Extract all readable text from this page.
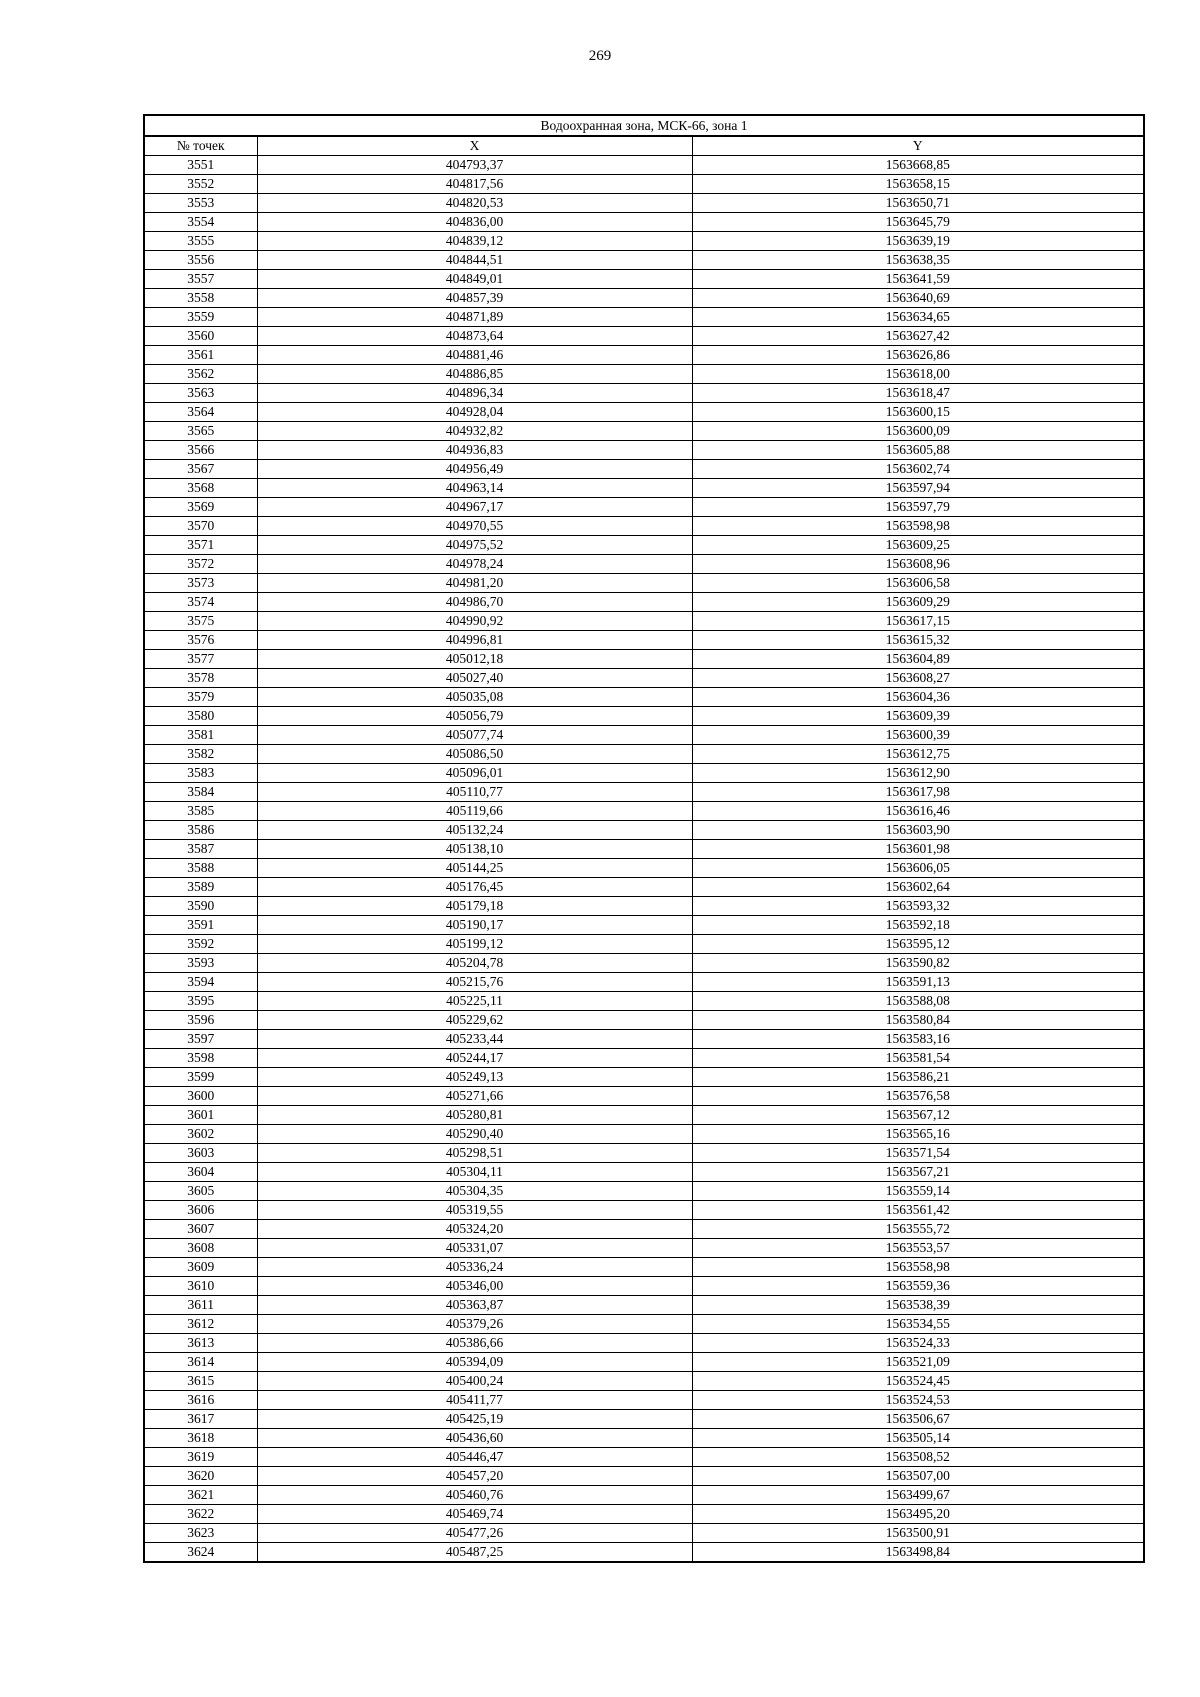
269
Водоохранная зона, МСК-66, зона 1		
№ точек	X	Y
3551	404793,37	1563668,85
3552	404817,56	1563658,15
3553	404820,53	1563650,71
3554	404836,00	1563645,79
3555	404839,12	1563639,19
3556	404844,51	1563638,35
3557	404849,01	1563641,59
3558	404857,39	1563640,69
3559	404871,89	1563634,65
3560	404873,64	1563627,42
3561	404881,46	1563626,86
3562	404886,85	1563618,00
3563	404896,34	1563618,47
3564	404928,04	1563600,15
3565	404932,82	1563600,09
3566	404936,83	1563605,88
3567	404956,49	1563602,74
3568	404963,14	1563597,94
3569	404967,17	1563597,79
3570	404970,55	1563598,98
3571	404975,52	1563609,25
3572	404978,24	1563608,96
3573	404981,20	1563606,58
3574	404986,70	1563609,29
3575	404990,92	1563617,15
3576	404996,81	1563615,32
3577	405012,18	1563604,89
3578	405027,40	1563608,27
3579	405035,08	1563604,36
3580	405056,79	1563609,39
3581	405077,74	1563600,39
3582	405086,50	1563612,75
3583	405096,01	1563612,90
3584	405110,77	1563617,98
3585	405119,66	1563616,46
3586	405132,24	1563603,90
3587	405138,10	1563601,98
3588	405144,25	1563606,05
3589	405176,45	1563602,64
3590	405179,18	1563593,32
3591	405190,17	1563592,18
3592	405199,12	1563595,12
3593	405204,78	1563590,82
3594	405215,76	1563591,13
3595	405225,11	1563588,08
3596	405229,62	1563580,84
3597	405233,44	1563583,16
3598	405244,17	1563581,54
3599	405249,13	1563586,21
3600	405271,66	1563576,58
3601	405280,81	1563567,12
3602	405290,40	1563565,16
3603	405298,51	1563571,54
3604	405304,11	1563567,21
3605	405304,35	1563559,14
3606	405319,55	1563561,42
3607	405324,20	1563555,72
3608	405331,07	1563553,57
3609	405336,24	1563558,98
3610	405346,00	1563559,36
3611	405363,87	1563538,39
3612	405379,26	1563534,55
3613	405386,66	1563524,33
3614	405394,09	1563521,09
3615	405400,24	1563524,45
3616	405411,77	1563524,53
3617	405425,19	1563506,67
3618	405436,60	1563505,14
3619	405446,47	1563508,52
3620	405457,20	1563507,00
3621	405460,76	1563499,67
3622	405469,74	1563495,20
3623	405477,26	1563500,91
3624	405487,25	1563498,84
